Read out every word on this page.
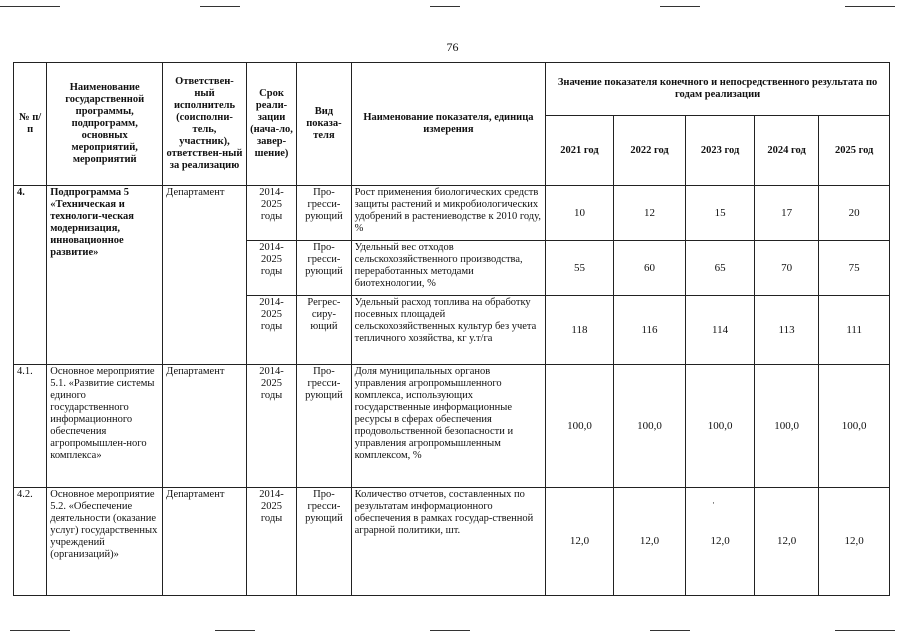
76
№ п/п	Наименование государственной программы, подпрограмм, основных мероприятий, мероприятий	Ответствен-ный исполнитель (соисполни-тель, участник), ответствен-ный за реализацию	Срок реали-зации (нача-ло, завер-шение)	Вид показа-теля	Наименование показателя, единица измерения	Значение показателя конечного и непосредственного результата по годам реализации				
						2021 год	2022 год	2023 год	2024 год	2025 год
4.	Подпрограмма 5 «Техническая и технологи-ческая модернизация, инновационное развитие»	Департамент	2014-2025 годы	Про-гресси-рующий	Рост применения биологических средств защиты растений и микробиологических удобрений в растениеводстве к 2010 году, %	10	12	15	17	20
			2014-2025 годы	Про-гресси-рующий	Удельный вес отходов сельскохозяйственного производства, переработанных методами биотехнологии, %	55	60	65	70	75
			2014-2025 годы	Регрес-сиру-ющий	Удельный расход топлива на обработку посевных площадей сельскохозяйственных культур без учета тепличного хозяйства, кг у.т/га	118	116	114	113	111
4.1.	Основное мероприятие 5.1. «Развитие системы единого государственного информационного обеспечения агропромышлен-ного комплекса»	Департамент	2014-2025 годы	Про-гресси-рующий	Доля муниципальных органов управления агропромышленного комплекса, использующих государственные информационные ресурсы в сферах обеспечения продовольственной безопасности и управления агропромышленным комплексом, %	100,0	100,0	100,0	100,0	100,0
4.2.	Основное мероприятие 5.2. «Обеспечение деятельности (оказание услуг) государственных учреждений (организаций)»	Департамент	2014-2025 годы	Про-гресси-рующий	Количество отчетов, составленных по результатам информационного обеспечения в рамках государ-ственной аграрной политики, шт.	12,0	12,0	12,0	12,0	12,0
·
